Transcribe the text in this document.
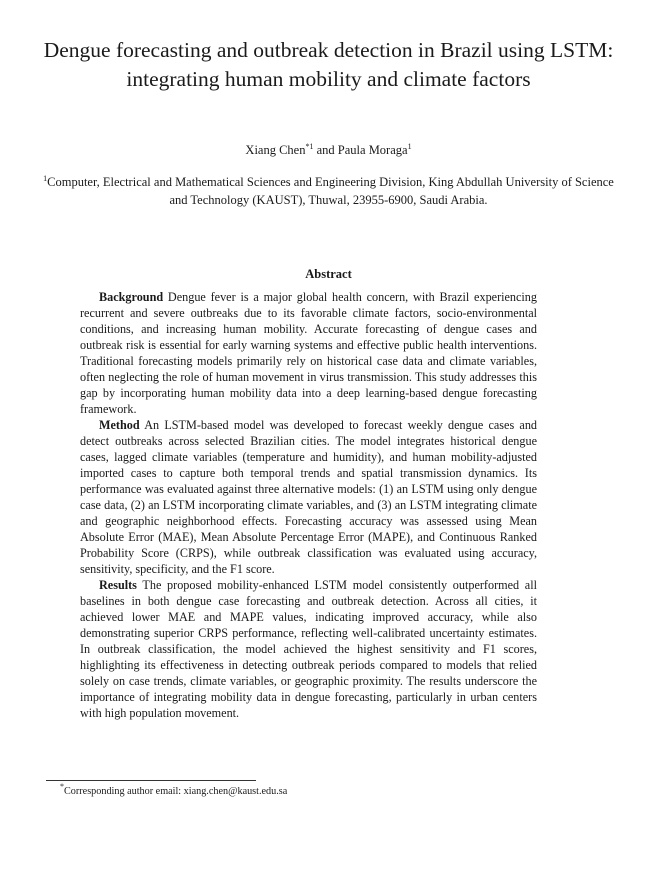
Dengue forecasting and outbreak detection in Brazil using LSTM: integrating human mobility and climate factors
Xiang Chen$^{*1}$ and Paula Moraga$^1$
$^1$Computer, Electrical and Mathematical Sciences and Engineering Division, King Abdullah University of Science and Technology (KAUST), Thuwal, 23955-6900, Saudi Arabia.
Abstract

Background Dengue fever is a major global health concern, with Brazil experiencing recurrent and severe outbreaks due to its favorable climate factors, socio-environmental conditions, and increasing human mobility. Accurate forecasting of dengue cases and outbreak risk is essential for early warning systems and effective public health interventions. Traditional forecasting models primarily rely on historical case data and climate variables, often neglecting the role of human movement in virus transmission. This study addresses this gap by incorporating human mobility data into a deep learning-based dengue forecasting framework.

Method An LSTM-based model was developed to forecast weekly dengue cases and detect outbreaks across selected Brazilian cities. The model integrates historical dengue cases, lagged climate variables (temperature and humidity), and human mobility-adjusted imported cases to capture both temporal trends and spatial transmission dynamics. Its performance was evaluated against three alternative models: (1) an LSTM using only dengue case data, (2) an LSTM incorporating climate variables, and (3) an LSTM integrating climate and geographic neighborhood effects. Forecasting accuracy was assessed using Mean Absolute Error (MAE), Mean Absolute Percentage Error (MAPE), and Continuous Ranked Probability Score (CRPS), while outbreak classification was evaluated using accuracy, sensitivity, specificity, and the F1 score.

Results The proposed mobility-enhanced LSTM model consistently outperformed all baselines in both dengue case forecasting and outbreak detection. Across all cities, it achieved lower MAE and MAPE values, indicating improved accuracy, while also demonstrating superior CRPS performance, reflecting well-calibrated uncertainty estimates. In outbreak classification, the model achieved the highest sensitivity and F1 scores, highlighting its effectiveness in detecting outbreak periods compared to models that relied solely on case trends, climate variables, or geographic proximity. The results underscore the importance of integrating mobility data in dengue forecasting, particularly in urban centers with high population movement.

*Corresponding author email: xiang.chen@kaust.edu.sa
